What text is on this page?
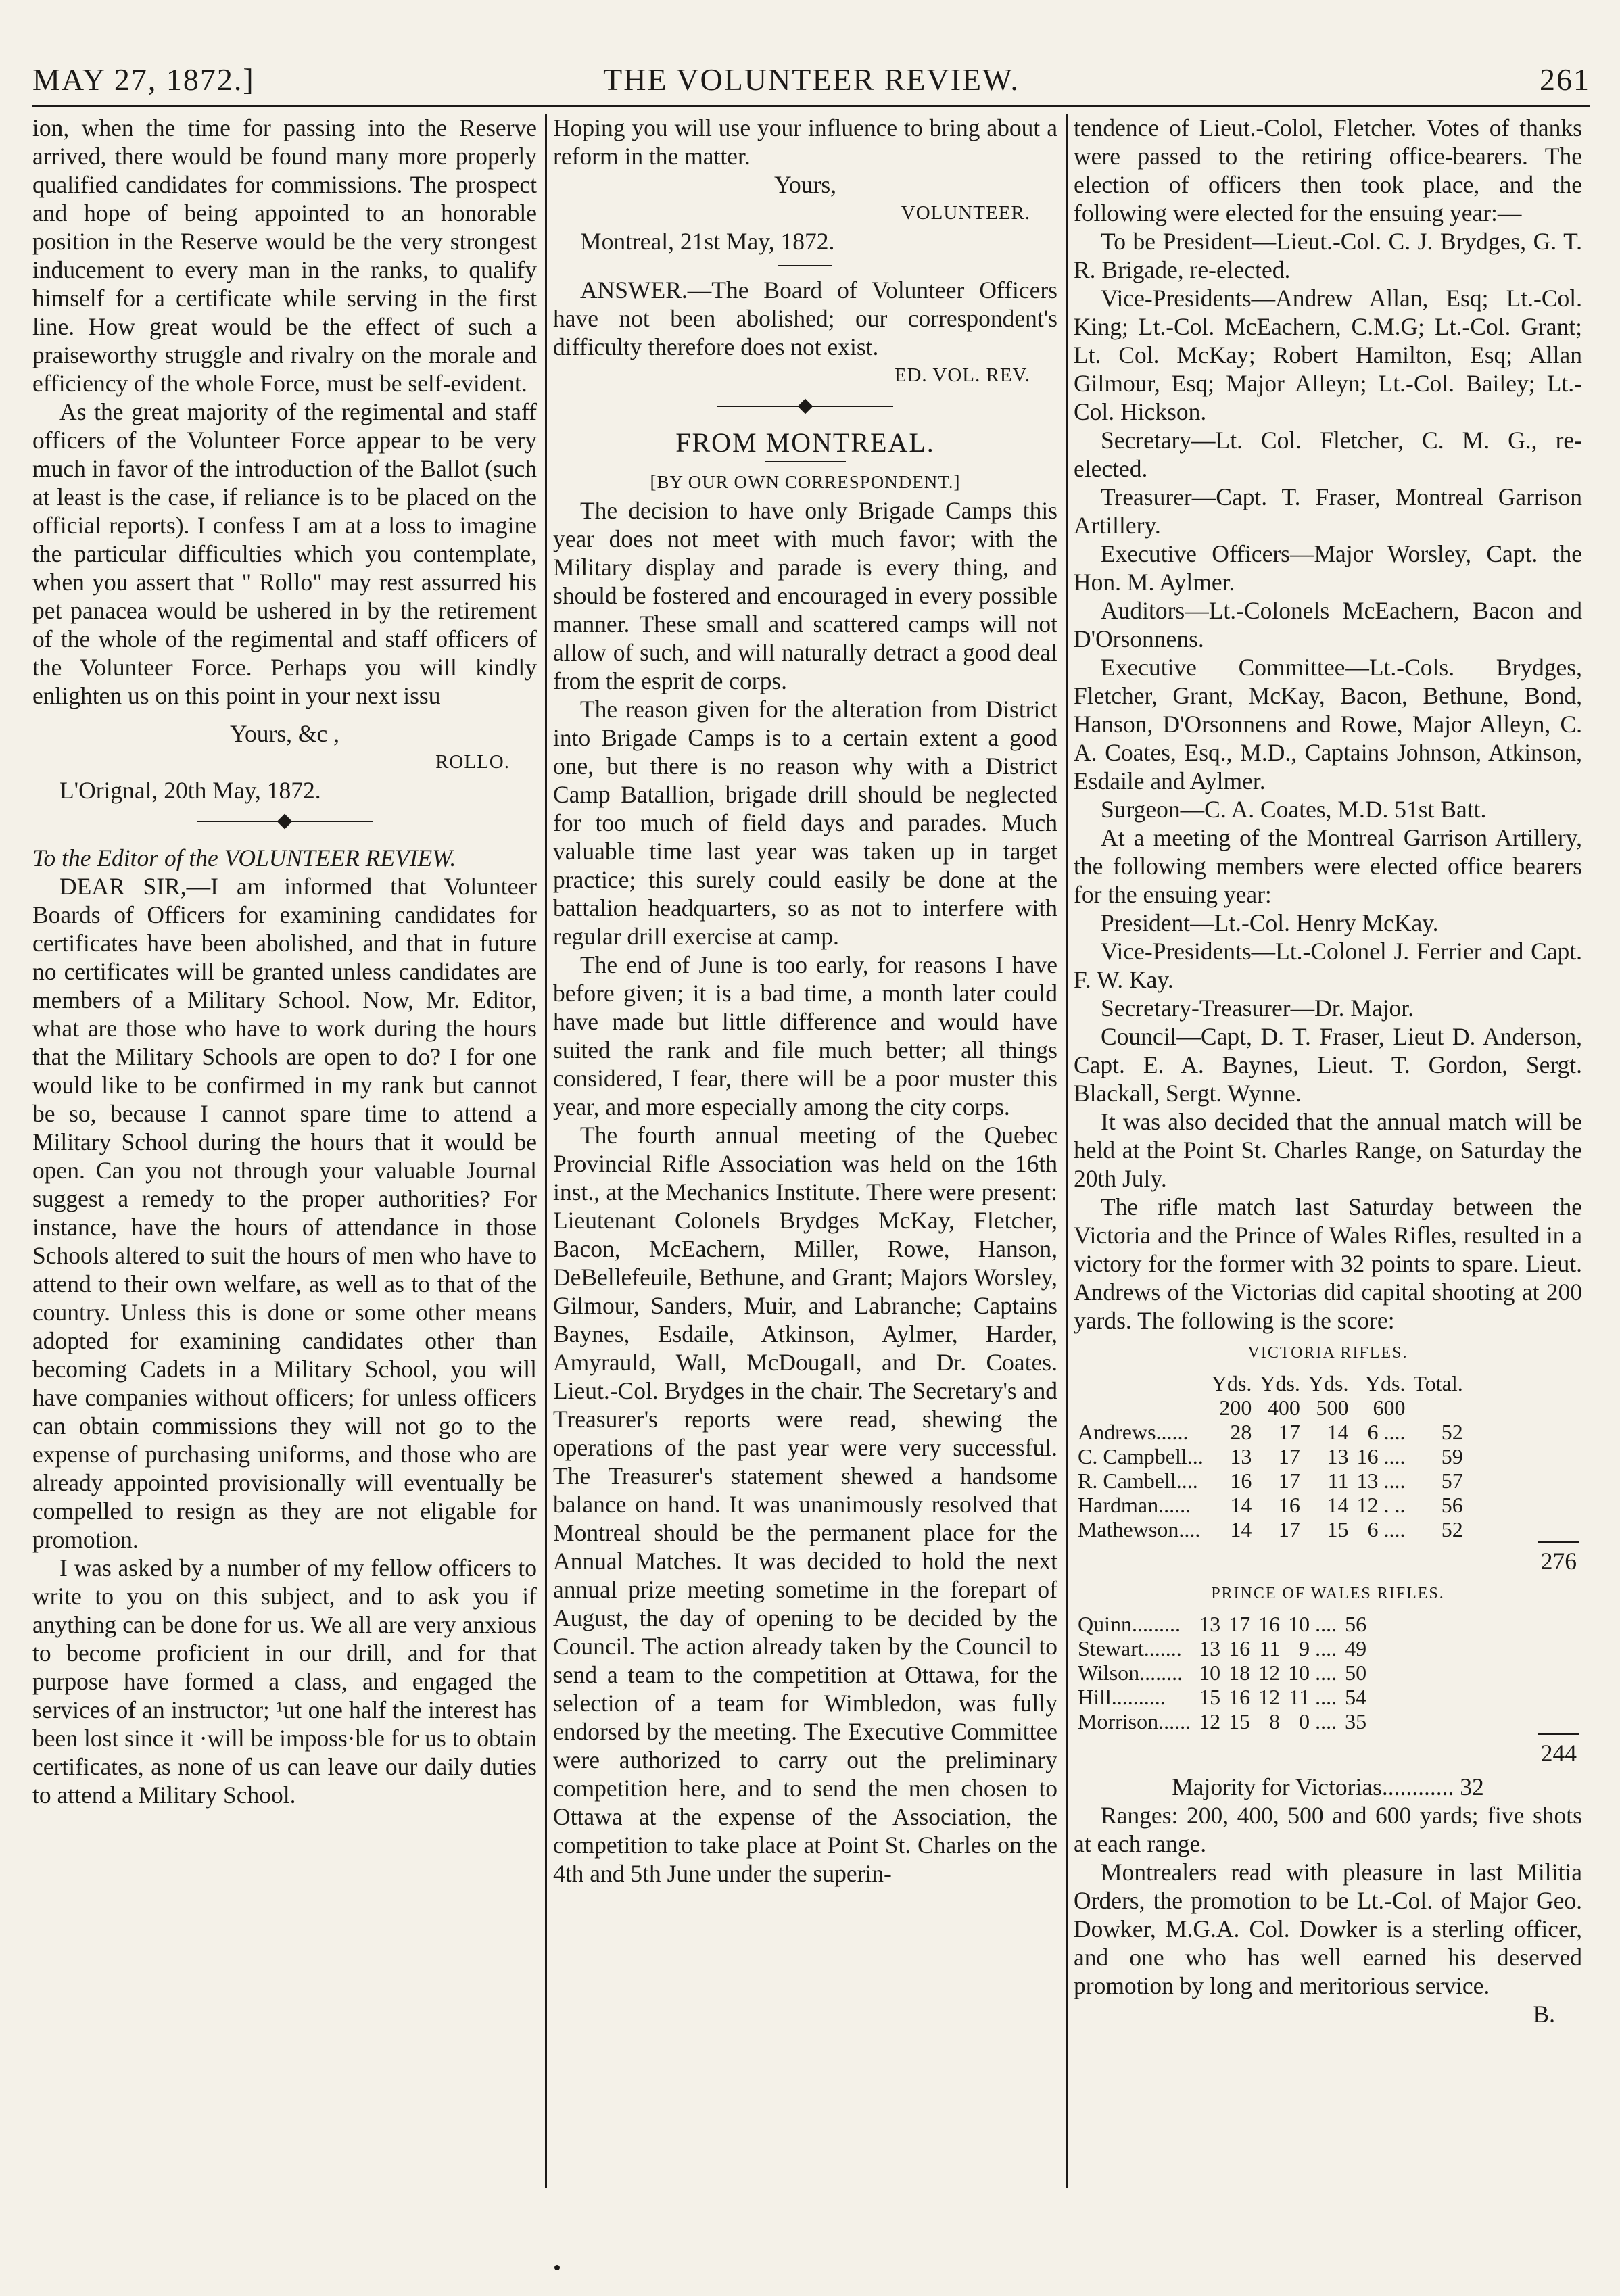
MAY 27, 1872.]	THE VOLUNTEER REVIEW.	261

ion, when the time for passing into the Reserve arrived, there would be found many more properly qualified candidates for commissions. The prospect and hope of being appointed to an honorable position in the Reserve would be the very strongest inducement to every man in the ranks, to qualify himself for a certificate while serving in the first line. How great would be the effect of such a praiseworthy struggle and rivalry on the morale and efficiency of the whole Force, must be self-evident.

As the great majority of the regimental and staff officers of the Volunteer Force appear to be very much in favor of the introduction of the Ballot (such at least is the case, if reliance is to be placed on the official reports). I confess I am at a loss to imagine the particular difficulties which you contemplate, when you assert that " Rollo" may rest assurred his pet panacea would be ushered in by the retirement of the whole of the regimental and staff officers of the Volunteer Force. Perhaps you will kindly enlighten us on this point in your next issu

Yours, &c ,

ROLLO.

L'Orignal, 20th May, 1872.

To the Editor of the VOLUNTEER REVIEW.

DEAR SIR,—I am informed that Volunteer Boards of Officers for examining candidates for certificates have been abolished, and that in future no certificates will be granted unless candidates are members of a Military School. Now, Mr. Editor, what are those who have to work during the hours that the Military Schools are open to do? I for one would like to be confirmed in my rank but cannot be so, because I cannot spare time to attend a Military School during the hours that it would be open. Can you not through your valuable Journal suggest a remedy to the proper authorities? For instance, have the hours of attendance in those Schools altered to suit the hours of men who have to attend to their own welfare, as well as to that of the country. Unless this is done or some other means adopted for examining candidates other than becoming Cadets in a Military School, you will have companies without officers; for unless officers can obtain commissions they will not go to the expense of purchasing uniforms, and those who are already appointed provisionally will eventually be compelled to resign as they are not eligable for promotion.

I was asked by a number of my fellow officers to write to you on this subject, and to ask you if anything can be done for us. We all are very anxious to become proficient in our drill, and for that purpose have formed a class, and engaged the services of an instructor; ¹ut one half the interest has been lost since it ·will be imposs·ble for us to obtain certificates, as none of us can leave our daily duties to attend a Military School.

Hoping you will use your influence to bring about a reform in the matter.

Yours,

VOLUNTEER.

Montreal, 21st May, 1872.

ANSWER.—The Board of Volunteer Officers have not been abolished; our correspondent's difficulty therefore does not exist.

ED. VOL. REV.

FROM MONTREAL.

[BY OUR OWN CORRESPONDENT.]

The decision to have only Brigade Camps this year does not meet with much favor; with the Military display and parade is every thing, and should be fostered and encouraged in every possible manner. These small and scattered camps will not allow of such, and will naturally detract a good deal from the esprit de corps.

The reason given for the alteration from District into Brigade Camps is to a certain extent a good one, but there is no reason why with a District Camp Batallion, brigade drill should be neglected for too much of field days and parades. Much valuable time last year was taken up in target practice; this surely could easily be done at the battalion headquarters, so as not to interfere with regular drill exercise at camp.

The end of June is too early, for reasons I have before given; it is a bad time, a month later could have made but little difference and would have suited the rank and file much better; all things considered, I fear, there will be a poor muster this year, and more especially among the city corps.

The fourth annual meeting of the Quebec Provincial Rifle Association was held on the 16th inst., at the Mechanics Institute. There were present: Lieutenant Colonels Brydges McKay, Fletcher, Bacon, McEachern, Miller, Rowe, Hanson, DeBellefeuile, Bethune, and Grant; Majors Worsley, Gilmour, Sanders, Muir, and Labranche; Captains Baynes, Esdaile, Atkinson, Aylmer, Harder, Amyrauld, Wall, McDougall, and Dr. Coates. Lieut.-Col. Brydges in the chair. The Secretary's and Treasurer's reports were read, shewing the operations of the past year were very successful. The Treasurer's statement shewed a handsome balance on hand. It was unanimously resolved that Montreal should be the permanent place for the Annual Matches. It was decided to hold the next annual prize meeting sometime in the forepart of August, the day of opening to be decided by the Council. The action already taken by the Council to send a team to the competition at Ottawa, for the selection of a team for Wimbledon, was fully endorsed by the meeting. The Executive Committee were authorized to carry out the preliminary competition here, and to send the men chosen to Ottawa at the expense of the Association, the competition to take place at Point St. Charles on the 4th and 5th June under the superin-

tendence of Lieut.-Colol, Fletcher. Votes of thanks were passed to the retiring office-bearers. The election of officers then took place, and the following were elected for the ensuing year:—

To be President—Lieut.-Col. C. J. Brydges, G. T. R. Brigade, re-elected.

Vice-Presidents—Andrew Allan, Esq; Lt.-Col. King; Lt.-Col. McEachern, C.M.G; Lt.-Col. Grant; Lt. Col. McKay; Robert Hamilton, Esq; Allan Gilmour, Esq; Major Alleyn; Lt.-Col. Bailey; Lt.-Col. Hickson.

Secretary—Lt. Col. Fletcher, C. M. G., re-elected.

Treasurer—Capt. T. Fraser, Montreal Garrison Artillery.

Executive Officers—Major Worsley, Capt. the Hon. M. Aylmer.

Auditors—Lt.-Colonels McEachern, Bacon and D'Orsonnens.

Executive Committee—Lt.-Cols. Brydges, Fletcher, Grant, McKay, Bacon, Bethune, Bond, Hanson, D'Orsonnens and Rowe, Major Alleyn, C. A. Coates, Esq., M.D., Captains Johnson, Atkinson, Esdaile and Aylmer.

Surgeon—C. A. Coates, M.D. 51st Batt.

At a meeting of the Montreal Garrison Artillery, the following members were elected office bearers for the ensuing year:

President—Lt.-Col. Henry McKay.

Vice-Presidents—Lt.-Colonel J. Ferrier and Capt. F. W. Kay.

Secretary-Treasurer—Dr. Major.

Council—Capt, D. T. Fraser, Lieut D. Anderson, Capt. E. A. Baynes, Lieut. T. Gordon, Sergt. Blackall, Sergt. Wynne.

It was also decided that the annual match will be held at the Point St. Charles Range, on Saturday the 20th July.

The rifle match last Saturday between the Victoria and the Prince of Wales Rifles, resulted in a victory for the former with 32 points to spare. Lieut. Andrews of the Victorias did capital shooting at 200 yards. The following is the score:

VICTORIA RIFLES.

	Yds.	Yds.	Yds.	Yds.	Total.
	200	400	500	600	
Andrews......	28	17	14	6 ....	52
C. Campbell...	13	17	13	16 ....	59
R. Cambell....	16	17	11	13 ....	57
Hardman......	14	16	14	12 . ..	56
Mathewson....	14	17	15	6 ....	52
276

PRINCE OF WALES RIFLES.

Quinn.........	13	17	16	10 ....	56
Stewart.......	13	16	11	9 ....	49
Wilson........	10	18	12	10 ....	50
Hill..........	15	16	12	11 ....	54
Morrison......	12	15	8	0 ....	35
244

Majority for Victorias............ 32

Ranges: 200, 400, 500 and 600 yards; five shots at each range.

Montrealers read with pleasure in last Militia Orders, the promotion to be Lt.-Col. of Major Geo. Dowker, M.G.A. Col. Dowker is a sterling officer, and one who has well earned his deserved promotion by long and meritorious service.

B.
